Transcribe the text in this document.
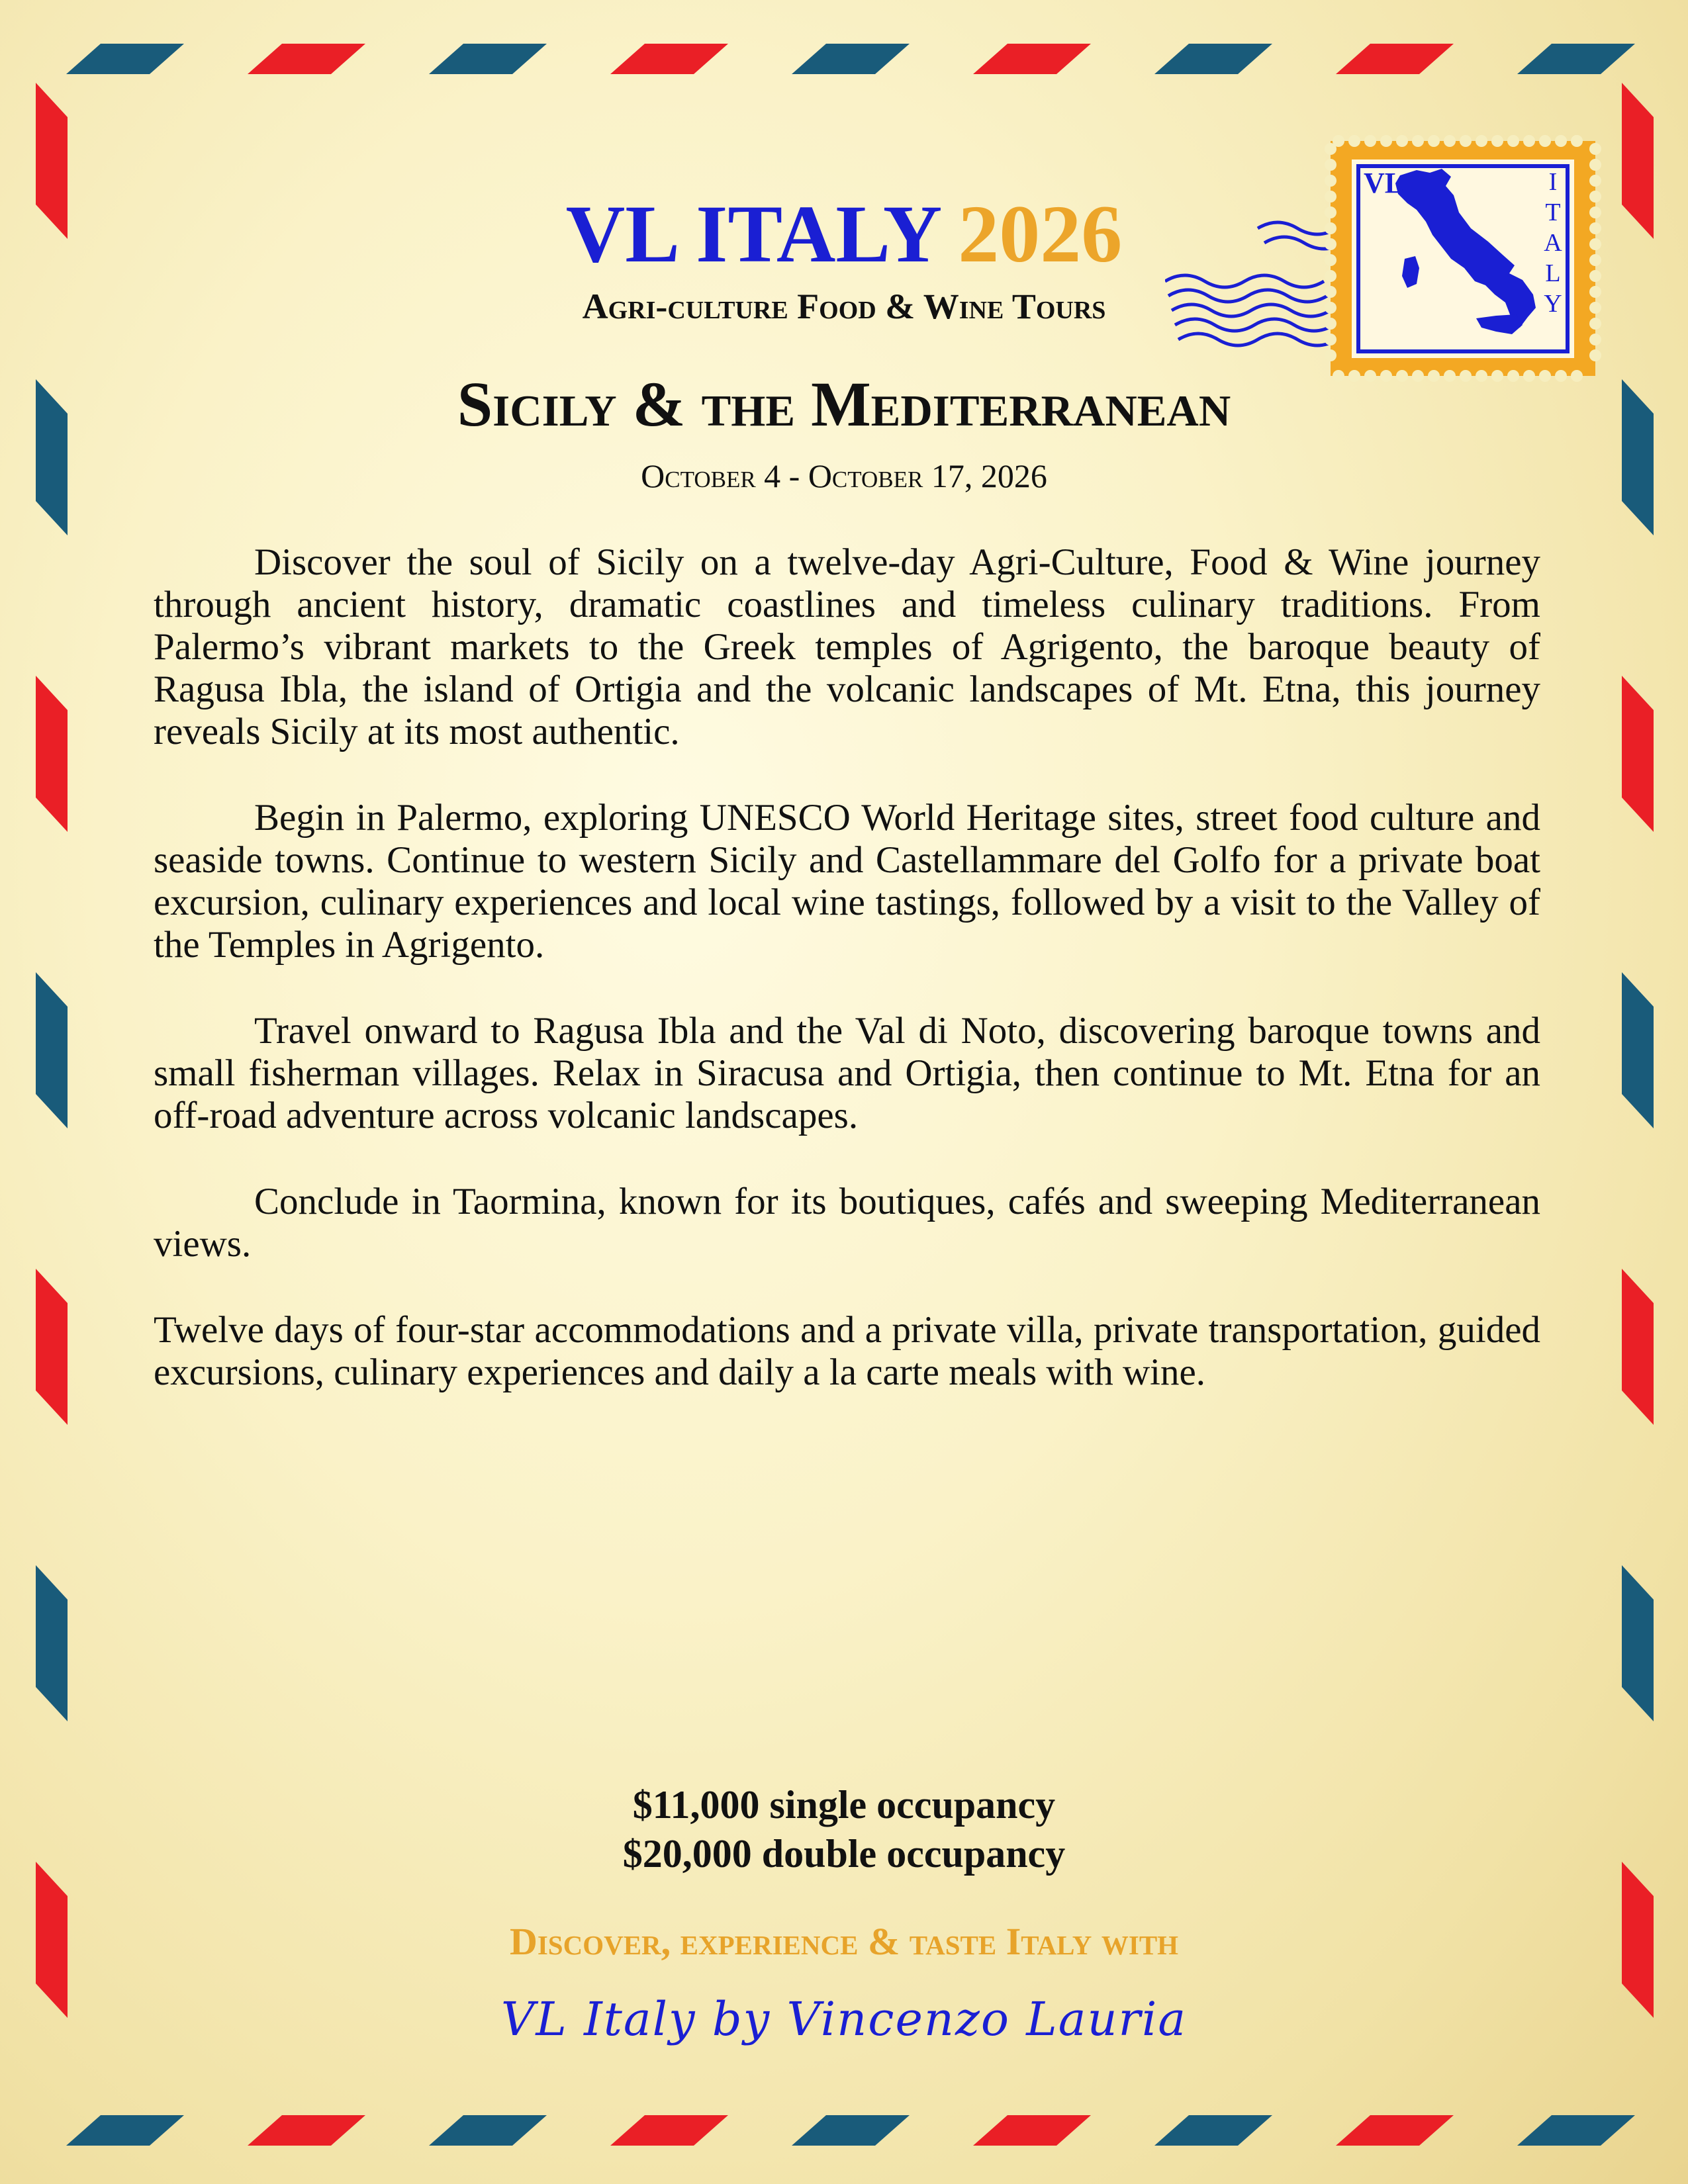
VL	I
T
A
L
Y
VL ITALY 2026
Agri-culture Food & Wine Tours
Sicily & the Mediterranean
October 4 - October 17, 2026

Discover the soul of Sicily on a twelve-day Agri-Culture, Food & Wine journey through ancient history, dramatic coastlines and timeless culinary traditions. From Palermo’s vibrant markets to the Greek temples of Agrigento, the baroque beauty of Ragusa Ibla, the island of Ortigia and the volcanic landscapes of Mt. Etna, this journey reveals Sicily at its most authentic.

Begin in Palermo, exploring UNESCO World Heritage sites, street food culture and seaside towns. Continue to western Sicily and Castellammare del Golfo for a private boat excursion, culinary experiences and local wine tastings, followed by a visit to the Valley of the Temples in Agrigento.

Travel onward to Ragusa Ibla and the Val di Noto, discovering baroque towns and small fisherman villages. Relax in Siracusa and Ortigia, then continue to Mt. Etna for an off-road adventure across volcanic landscapes.

Conclude in Taormina, known for its boutiques, cafés and sweeping Mediterranean views.

Twelve days of four-star accommodations and a private villa, private transportation, guided excursions, culinary experiences and daily a la carte meals with wine.

$11,000 single occupancy
$20,000 double occupancy
Discover, experience & taste Italy with
VL Italy by Vincenzo Lauria
